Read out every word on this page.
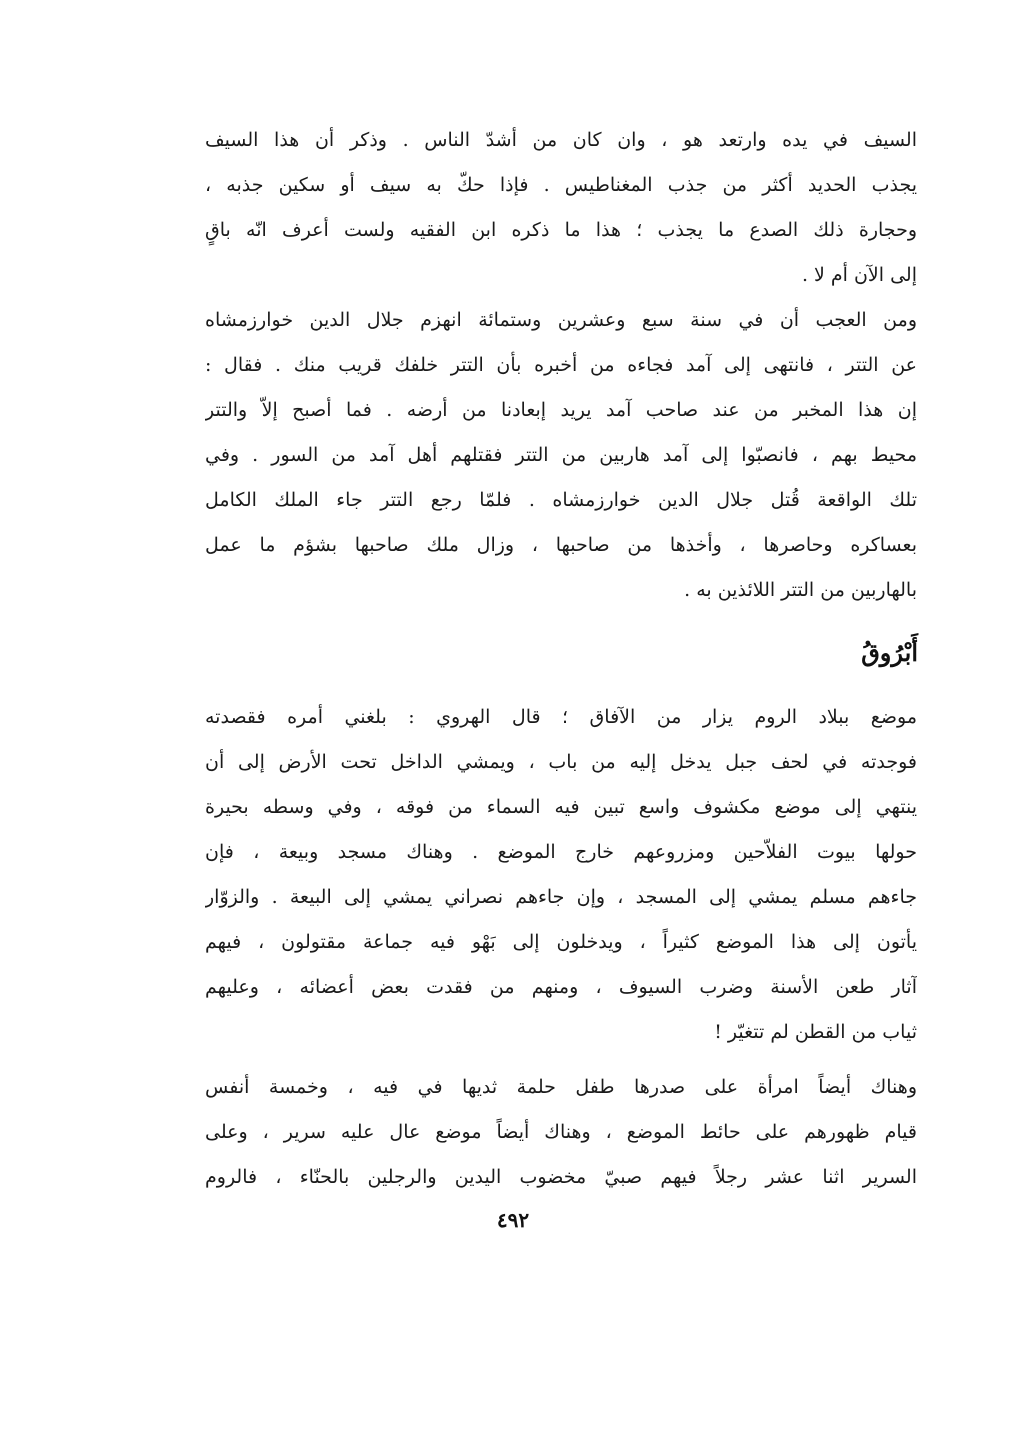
السيف في يده وارتعد هو ، وان كان من أشدّ الناس . وذكر أن هذا السيف
يجذب الحديد أكثر من جذب المغناطيس . فإذا حكّ به سيف أو سكين جذبه ،
وحجارة ذلك الصدع ما يجذب ؛ هذا ما ذكره ابن الفقيه ولست أعرف انّه باقٍ
إلى الآن أم لا .
ومن العجب أن في سنة سبع وعشرين وستمائة انهزم جلال الدين خوارزمشاه
عن التتر ، فانتهى إلى آمد فجاءه من أخبره بأن التتر خلفك قريب منك . فقال :
إن هذا المخبر من عند صاحب آمد يريد إبعادنا من أرضه . فما أصبح إلاّ والتتر
محيط بهم ، فانصبّوا إلى آمد هاربين من التتر فقتلهم أهل آمد من السور . وفي
تلك الواقعة قُتل جلال الدين خوارزمشاه . فلمّا رجع التتر جاء الملك الكامل
بعساكره وحاصرها ، وأخذها من صاحبها ، وزال ملك صاحبها بشؤم ما عمل
بالهاربين من التتر اللائذين به .
أَبْرُوقُ
موضع ببلاد الروم يزار من الآفاق ؛ قال الهروي : بلغني أمره فقصدته
فوجدته في لحف جبل يدخل إليه من باب ، ويمشي الداخل تحت الأرض إلى أن
ينتهي إلى موضع مكشوف واسع تبين فيه السماء من فوقه ، وفي وسطه بحيرة
حولها بيوت الفلاّحين ومزروعهم خارج الموضع . وهناك مسجد وبيعة ، فإن
جاءهم مسلم يمشي إلى المسجد ، وإن جاءهم نصراني يمشي إلى البيعة . والزوّار
يأتون إلى هذا الموضع كثيراً ، ويدخلون إلى بَهْو فيه جماعة مقتولون ، فيهم
آثار طعن الأسنة وضرب السيوف ، ومنهم من فقدت بعض أعضائه ، وعليهم
ثياب من القطن لم تتغيّر !
وهناك أيضاً امرأة على صدرها طفل حلمة ثديها في فيه ، وخمسة أنفس
قيام ظهورهم على حائط الموضع ، وهناك أيضاً موضع عال عليه سرير ، وعلى
السرير اثنا عشر رجلاً فيهم صبيّ مخضوب اليدين والرجلين بالحنّاء ، فالروم
٤٩٢
